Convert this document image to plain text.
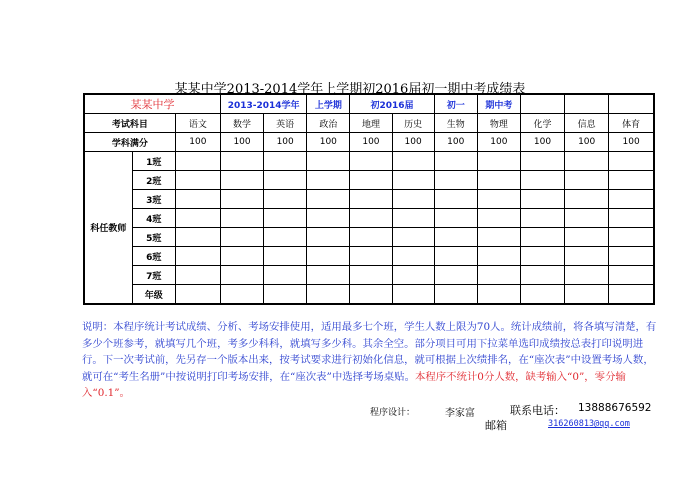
某某中学2013-2014学年上学期初2016届初一期中考成绩表
某某中学			2013-2014学年		上学期	初2016届		初一	期中考			
考试科目		语文	数学	英语	政治	地理	历史	生物	物理	化学	信息	体育
学科满分		100	100	100	100	100	100	100	100	100	100	100
科任教师	1班											
	2班											
	3班											
	4班											
	5班											
	6班											
	7班											
	年级											
说明：本程序统计考试成绩、分析、考场安排使用，适用最多七个班，学生人数上限为70人。统计成绩前，将各填写清楚，有多少个班参考，就填写几个班，考多少科科，就填写多少科。其余全空。部分项目可用下拉菜单选印成绩按总表打印说明进行。下一次考试前，先另存一个版本出来，按考试要求进行初始化信息，就可根据上次绩排名，在“座次表”中设置考场人数，就可在“考生名册”中按说明打印考场安排，在“座次表”中选择考场桌贴。本程序不统计0分人数，缺考输入“0”，零分输入“0.1”。
程序设计：	李家富	联系电话： 13888676592
邮箱	316260813@qq.com
